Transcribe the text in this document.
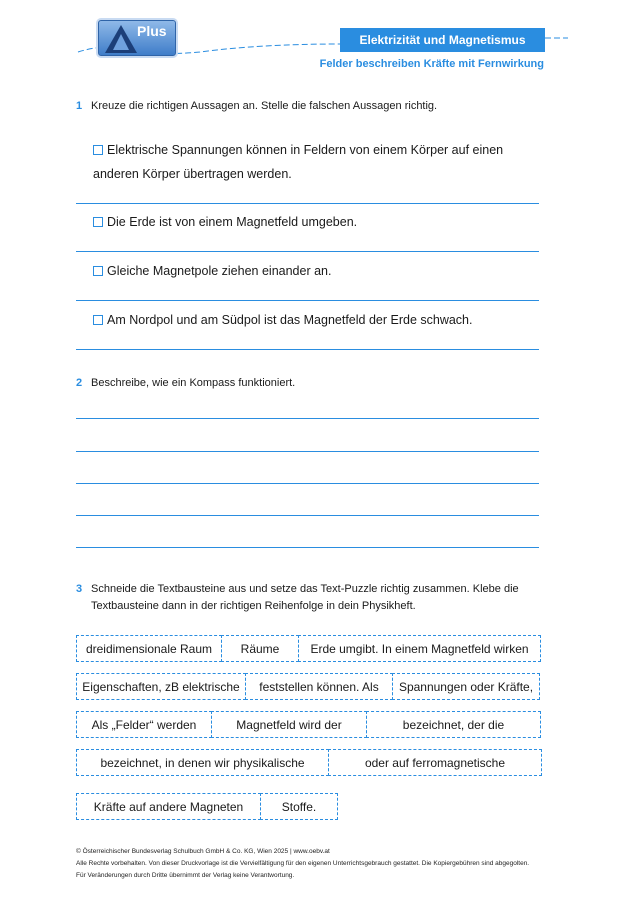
Plus
Elektrizität und Magnetismus
Felder beschreiben Kräfte mit Fernwirkung
1 Kreuze die richtigen Aussagen an. Stelle die falschen Aussagen richtig.
Elektrische Spannungen können in Feldern von einem Körper auf einen anderen Körper übertragen werden.
Die Erde ist von einem Magnetfeld umgeben.
Gleiche Magnetpole ziehen einander an.
Am Nordpol und am Südpol ist das Magnetfeld der Erde schwach.
2 Beschreibe, wie ein Kompass funktioniert.
3 Schneide die Textbausteine aus und setze das Text-Puzzle richtig zusammen. Klebe die
Textbausteine dann in der richtigen Reihenfolge in dein Physikheft.
dreidimensionale Raum	Räume	Erde umgibt. In einem Magnetfeld wirken
Eigenschaften, zB elektrische	feststellen können. Als	Spannungen oder Kräfte,
Als „Felder“ werden	Magnetfeld wird der	bezeichnet, der die
bezeichnet, in denen wir physikalische	oder auf ferromagnetische
Kräfte auf andere Magneten	Stoffe.
© Österreichischer Bundesverlag Schulbuch GmbH & Co. KG, Wien 2025 | www.oebv.at
Alle Rechte vorbehalten. Von dieser Druckvorlage ist die Vervielfältigung für den eigenen Unterrichtsgebrauch gestattet. Die Kopiergebühren sind abgegolten.
Für Veränderungen durch Dritte übernimmt der Verlag keine Verantwortung.
